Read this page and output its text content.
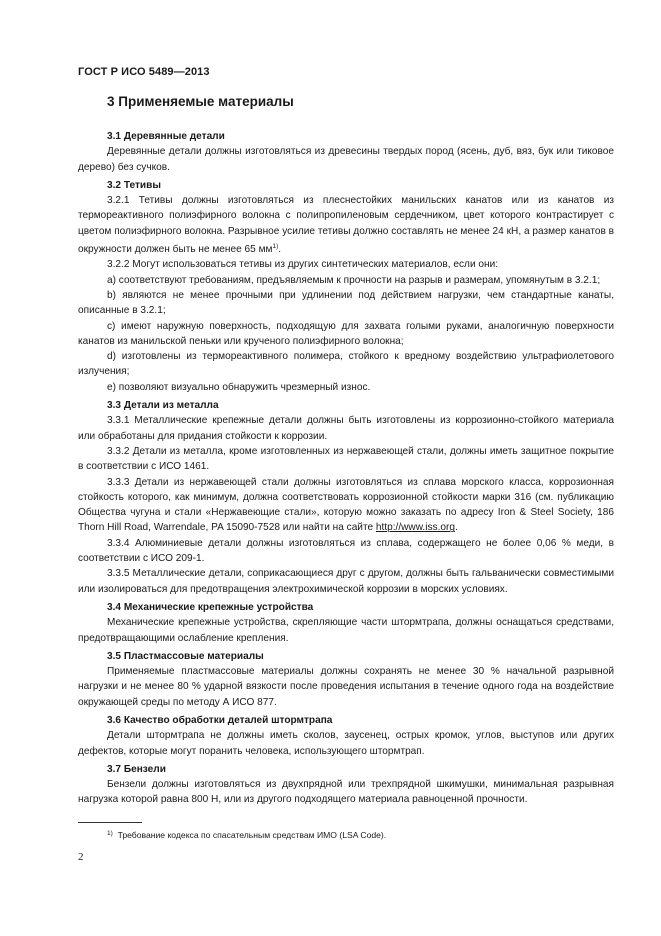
ГОСТ Р ИСО 5489—2013
3 Применяемые материалы

3.1 Деревянные детали

Деревянные детали должны изготовляться из древесины твердых пород (ясень, дуб, вяз, бук или тиковое дерево) без сучков.

3.2 Тетивы

3.2.1 Тетивы должны изготовляться из плеснестойких манильских канатов или из канатов из термореактивного полиэфирного волокна с полипропиленовым сердечником, цвет которого контрастирует с цветом полиэфирного волокна. Разрывное усилие тетивы должно составлять не менее 24 кН, а размер канатов в окружности должен быть не менее 65 мм$^{1)}$.

3.2.2 Могут использоваться тетивы из других синтетических материалов, если они:

a) соответствуют требованиям, предъявляемым к прочности на разрыв и размерам, упомянутым в 3.2.1;

b) являются не менее прочными при удлинении под действием нагрузки, чем стандартные канаты, описанные в 3.2.1;

c) имеют наружную поверхность, подходящую для захвата голыми руками, аналогичную поверхности канатов из манильской пеньки или крученого полиэфирного волокна;

d) изготовлены из термореактивного полимера, стойкого к вредному воздействию ультрафиолетового излучения;

e) позволяют визуально обнаружить чрезмерный износ.

3.3 Детали из металла

3.3.1 Металлические крепежные детали должны быть изготовлены из коррозионно-стойкого материала или обработаны для придания стойкости к коррозии.

3.3.2 Детали из металла, кроме изготовленных из нержавеющей стали, должны иметь защитное покрытие в соответствии с ИСО 1461.

3.3.3 Детали из нержавеющей стали должны изготовляться из сплава морского класса, коррозионная стойкость которого, как минимум, должна соответствовать коррозионной стойкости марки 316 (см. публикацию Общества чугуна и стали «Нержавеющие стали», которую можно заказать по адресу Iron & Steel Society, 186 Thorn Hill Road, Warrendale, PA 15090-7528 или найти на сайте http://www.iss.org.

3.3.4 Алюминиевые детали должны изготовляться из сплава, содержащего не более 0,06 % меди, в соответствии с ИСО 209-1.

3.3.5 Металлические детали, соприкасающиеся друг с другом, должны быть гальванически совместимыми или изолироваться для предотвращения электрохимической коррозии в морских условиях.

3.4 Механические крепежные устройства

Механические крепежные устройства, скрепляющие части штормтрапа, должны оснащаться средствами, предотвращающими ослабление крепления.

3.5 Пластмассовые материалы

Применяемые пластмассовые материалы должны сохранять не менее 30 % начальной разрывной нагрузки и не менее 80 % ударной вязкости после проведения испытания в течение одного года на воздействие окружающей среды по методу А ИСО 877.

3.6 Качество обработки деталей штормтрапа

Детали штормтрапа не должны иметь сколов, заусенец, острых кромок, углов, выступов или других дефектов, которые могут поранить человека, использующего штормтрап.

3.7 Бензели

Бензели должны изготовляться из двухпрядной или трехпрядной шкимушки, минимальная разрывная нагрузка которой равна 800 Н, или из другого подходящего материала равноценной прочности.

$^{1)}$ Требование кодекса по спасательным средствам ИМО (LSA Code).
2
